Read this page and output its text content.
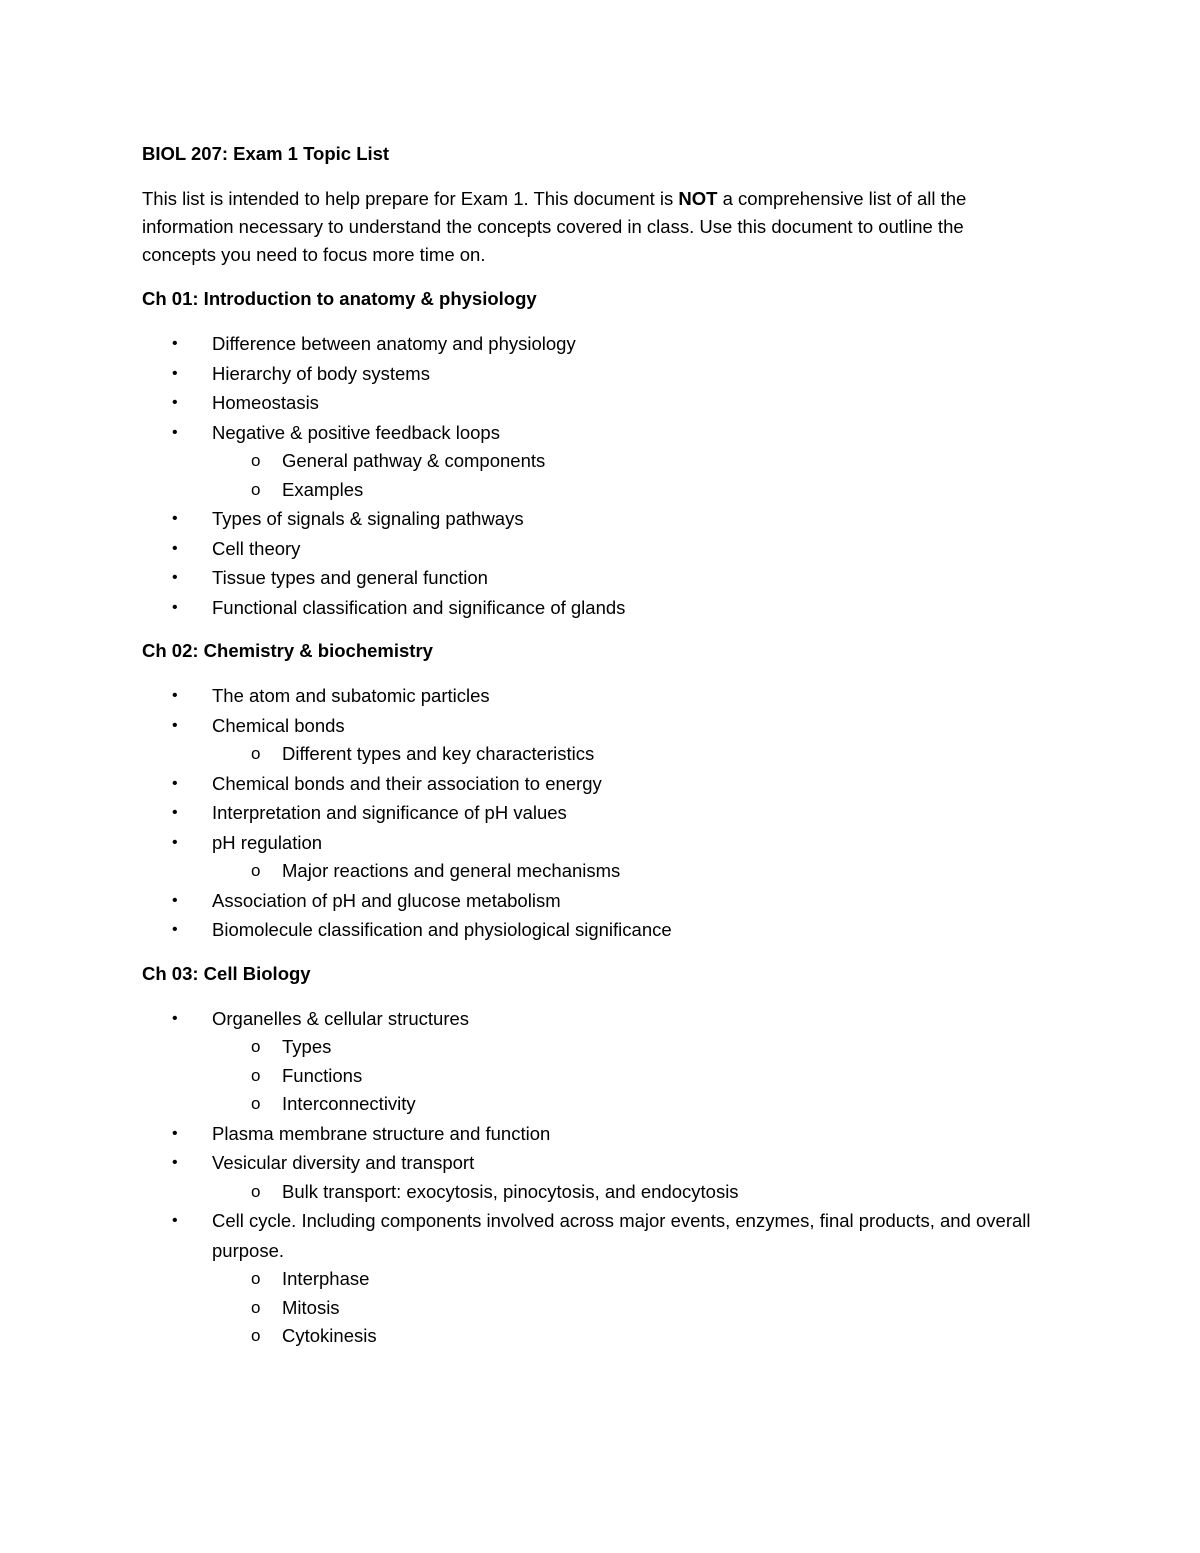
BIOL 207: Exam 1 Topic List
This list is intended to help prepare for Exam 1. This document is NOT a comprehensive list of all the information necessary to understand the concepts covered in class. Use this document to outline the concepts you need to focus more time on.
Ch 01: Introduction to anatomy & physiology
• Difference between anatomy and physiology
• Hierarchy of body systems
• Homeostasis
• Negative & positive feedback loops
o General pathway & components
o Examples
• Types of signals & signaling pathways
• Cell theory
• Tissue types and general function
• Functional classification and significance of glands
Ch 02: Chemistry & biochemistry
• The atom and subatomic particles
• Chemical bonds
o Different types and key characteristics
• Chemical bonds and their association to energy
• Interpretation and significance of pH values
• pH regulation
o Major reactions and general mechanisms
• Association of pH and glucose metabolism
• Biomolecule classification and physiological significance
Ch 03: Cell Biology
• Organelles & cellular structures
o Types
o Functions
o Interconnectivity
• Plasma membrane structure and function
• Vesicular diversity and transport
o Bulk transport: exocytosis, pinocytosis, and endocytosis
• Cell cycle. Including components involved across major events, enzymes, final products, and overall purpose.
o Interphase
o Mitosis
o Cytokinesis
